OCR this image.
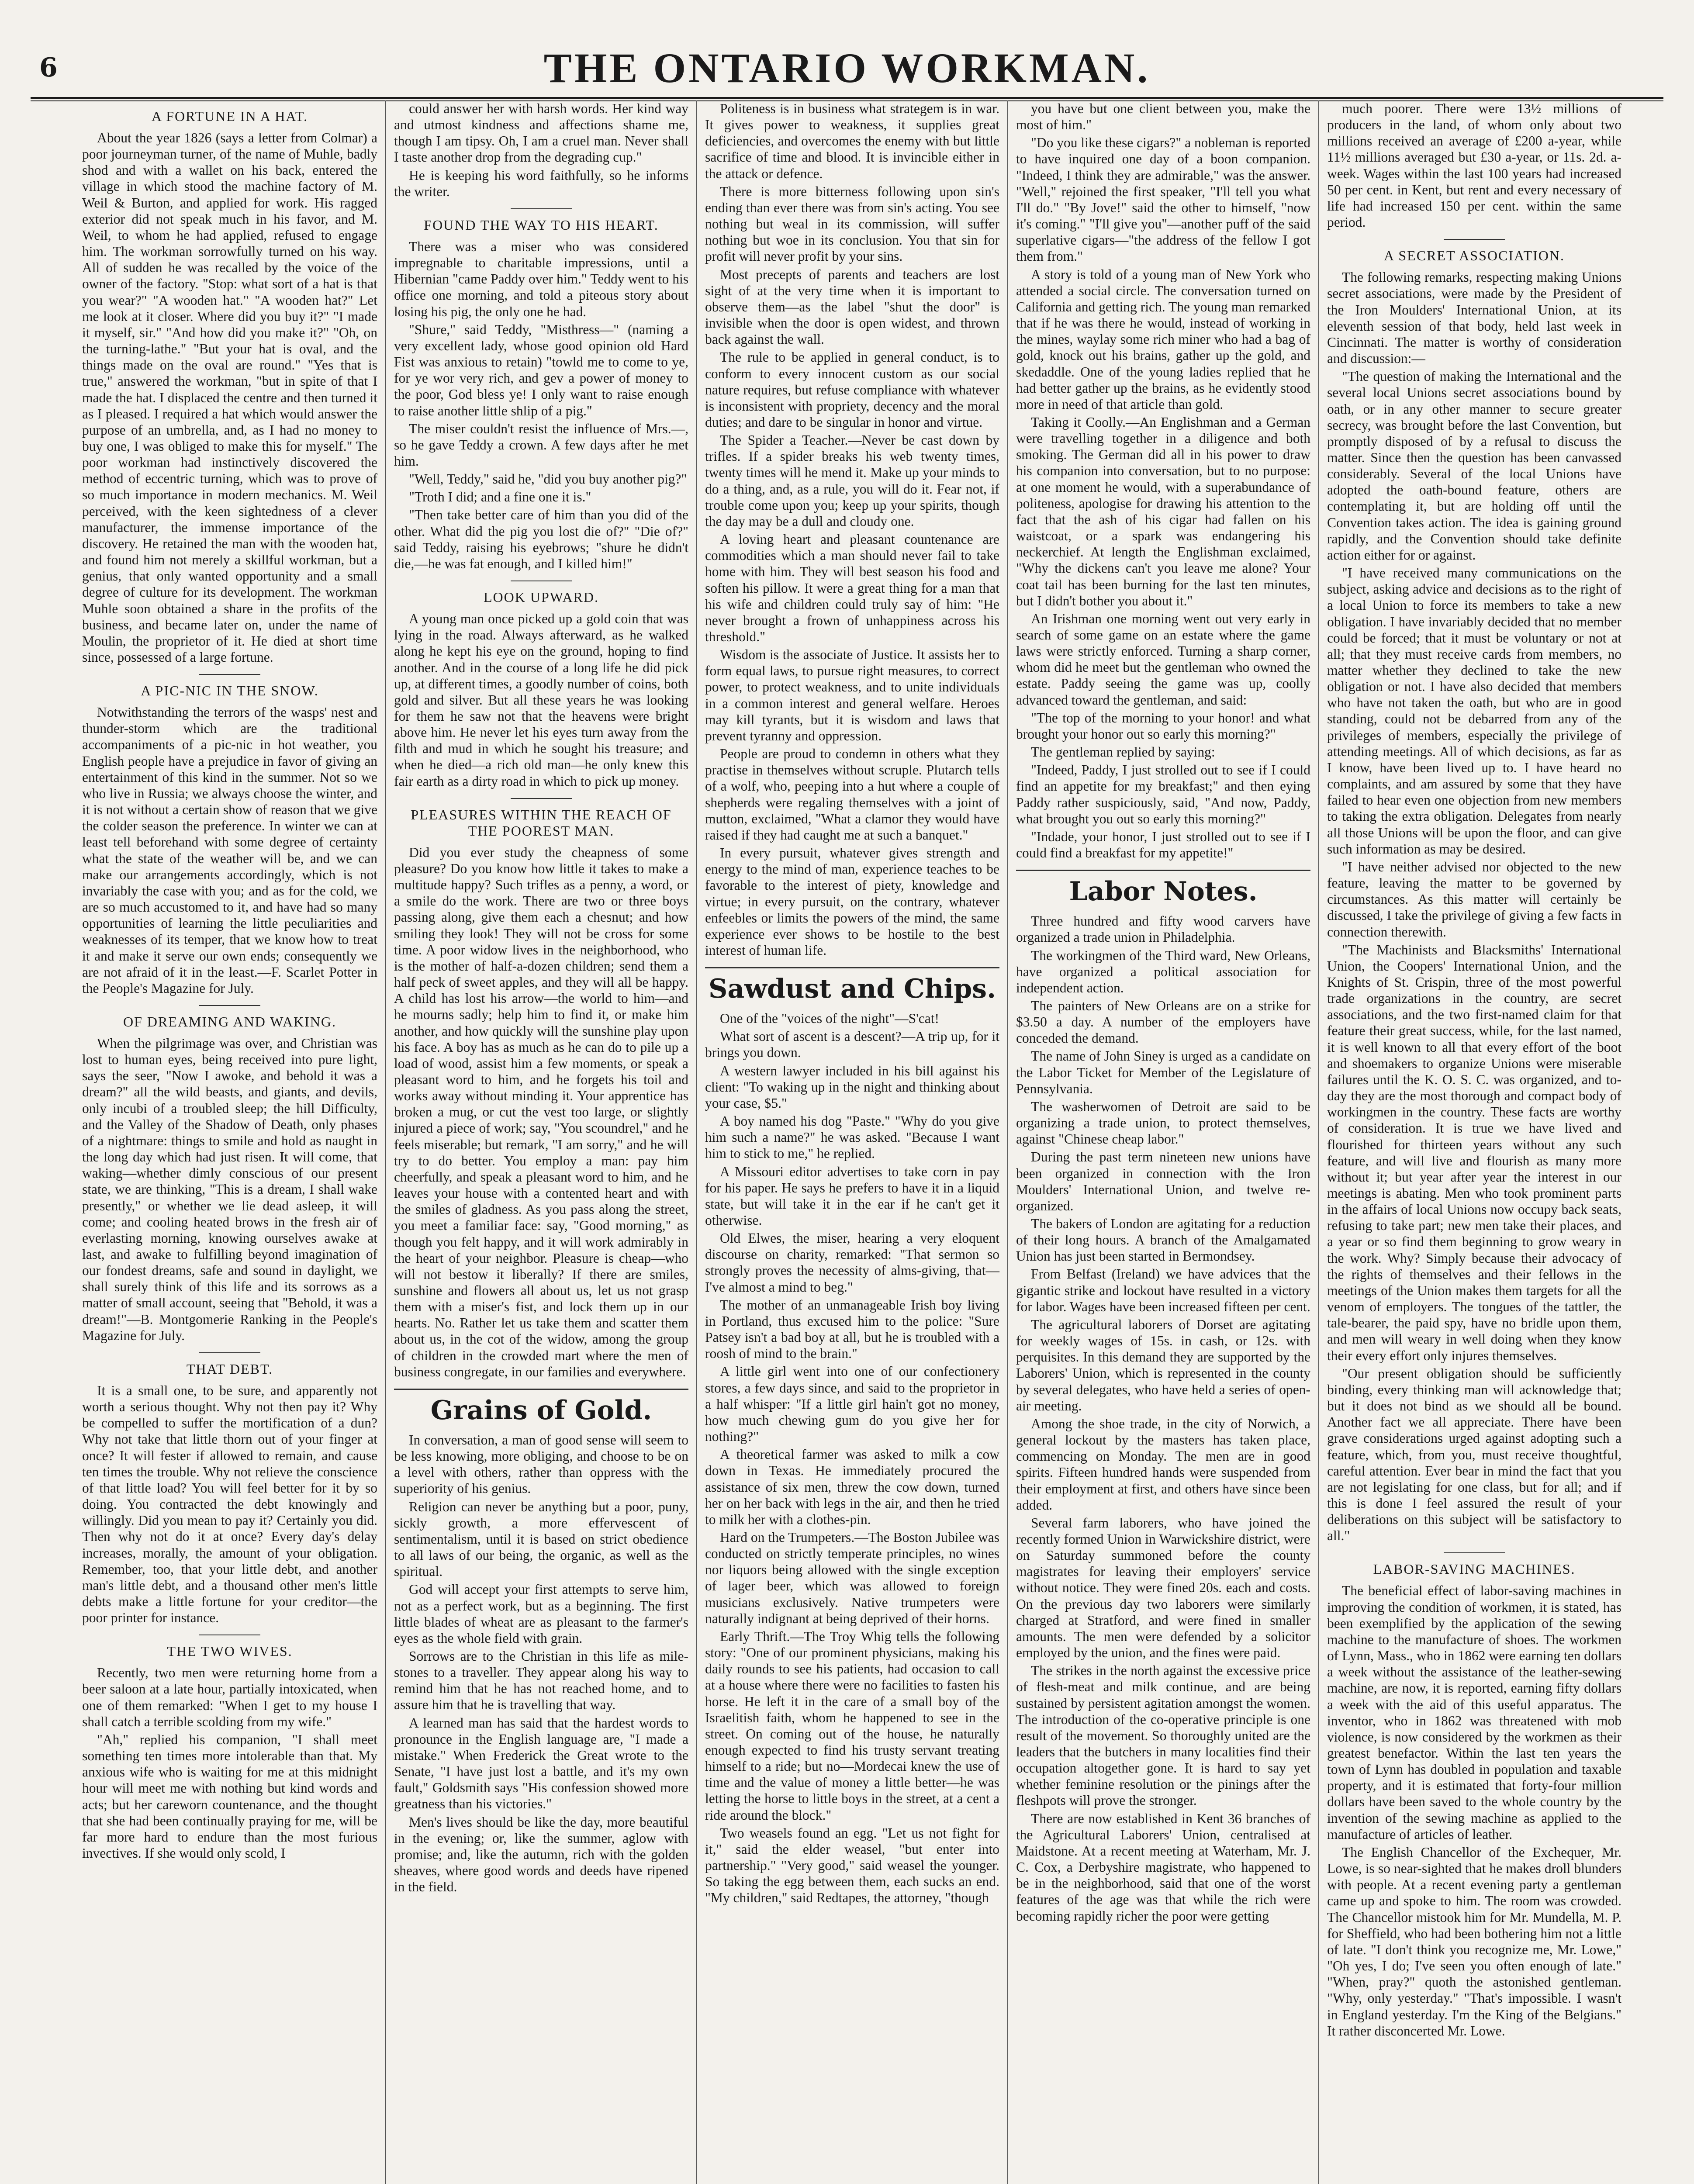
6	THE ONTARIO WORKMAN.
A FORTUNE IN A HAT.

About the year 1826 (says a letter from Colmar) a poor journeyman turner, of the name of Muhle, badly shod and with a wallet on his back, entered the village in which stood the machine factory of M. Weil & Burton, and applied for work. His ragged exterior did not speak much in his favor, and M. Weil, to whom he had applied, refused to engage him. The workman sorrowfully turned on his way. All of sudden he was recalled by the voice of the owner of the factory. "Stop: what sort of a hat is that you wear?" "A wooden hat." "A wooden hat?" Let me look at it closer. Where did you buy it?" "I made it myself, sir." "And how did you make it?" "Oh, on the turning-lathe." "But your hat is oval, and the things made on the oval are round." "Yes that is true," answered the workman, "but in spite of that I made the hat. I displaced the centre and then turned it as I pleased. I required a hat which would answer the purpose of an umbrella, and, as I had no money to buy one, I was obliged to make this for myself." The poor workman had instinctively discovered the method of eccentric turning, which was to prove of so much importance in modern mechanics. M. Weil perceived, with the keen sightedness of a clever manufacturer, the immense importance of the discovery. He retained the man with the wooden hat, and found him not merely a skillful workman, but a genius, that only wanted opportunity and a small degree of culture for its development. The workman Muhle soon obtained a share in the profits of the business, and became later on, under the name of Moulin, the proprietor of it. He died at short time since, possessed of a large fortune.

A PIC-NIC IN THE SNOW.

Notwithstanding the terrors of the wasps' nest and thunder-storm which are the traditional accompaniments of a pic-nic in hot weather, you English people have a prejudice in favor of giving an entertainment of this kind in the summer. Not so we who live in Russia; we always choose the winter, and it is not without a certain show of reason that we give the colder season the preference. In winter we can at least tell beforehand with some degree of certainty what the state of the weather will be, and we can make our arrangements accordingly, which is not invariably the case with you; and as for the cold, we are so much accustomed to it, and have had so many opportunities of learning the little peculiarities and weaknesses of its temper, that we know how to treat it and make it serve our own ends; consequently we are not afraid of it in the least.—F. Scarlet Potter in the People's Magazine for July.

OF DREAMING AND WAKING.

When the pilgrimage was over, and Christian was lost to human eyes, being received into pure light, says the seer, "Now I awoke, and behold it was a dream?" all the wild beasts, and giants, and devils, only incubi of a troubled sleep; the hill Difficulty, and the Valley of the Shadow of Death, only phases of a nightmare: things to smile and hold as naught in the long day which had just risen. It will come, that waking—whether dimly conscious of our present state, we are thinking, "This is a dream, I shall wake presently," or whether we lie dead asleep, it will come; and cooling heated brows in the fresh air of everlasting morning, knowing ourselves awake at last, and awake to fulfilling beyond imagination of our fondest dreams, safe and sound in daylight, we shall surely think of this life and its sorrows as a matter of small account, seeing that "Behold, it was a dream!"—B. Montgomerie Ranking in the People's Magazine for July.

THAT DEBT.

It is a small one, to be sure, and apparently not worth a serious thought. Why not then pay it? Why be compelled to suffer the mortification of a dun? Why not take that little thorn out of your finger at once? It will fester if allowed to remain, and cause ten times the trouble. Why not relieve the conscience of that little load? You will feel better for it by so doing. You contracted the debt knowingly and willingly. Did you mean to pay it? Certainly you did. Then why not do it at once? Every day's delay increases, morally, the amount of your obligation. Remember, too, that your little debt, and another man's little debt, and a thousand other men's little debts make a little fortune for your creditor—the poor printer for instance.

THE TWO WIVES.

Recently, two men were returning home from a beer saloon at a late hour, partially intoxicated, when one of them remarked: "When I get to my house I shall catch a terrible scolding from my wife."

"Ah," replied his companion, "I shall meet something ten times more intolerable than that. My anxious wife who is waiting for me at this midnight hour will meet me with nothing but kind words and acts; but her careworn countenance, and the thought that she had been continually praying for me, will be far more hard to endure than the most furious invectives. If she would only scold, I

could answer her with harsh words. Her kind way and utmost kindness and affections shame me, though I am tipsy. Oh, I am a cruel man. Never shall I taste another drop from the degrading cup."

He is keeping his word faithfully, so he informs the writer.

FOUND THE WAY TO HIS HEART.

There was a miser who was considered impregnable to charitable impressions, until a Hibernian "came Paddy over him." Teddy went to his office one morning, and told a piteous story about losing his pig, the only one he had.

"Shure," said Teddy, "Misthress—" (naming a very excellent lady, whose good opinion old Hard Fist was anxious to retain) "towld me to come to ye, for ye wor very rich, and gev a power of money to the poor, God bless ye! I only want to raise enough to raise another little shlip of a pig."

The miser couldn't resist the influence of Mrs.—, so he gave Teddy a crown. A few days after he met him.

"Well, Teddy," said he, "did you buy another pig?"

"Troth I did; and a fine one it is."

"Then take better care of him than you did of the other. What did the pig you lost die of?" "Die of?" said Teddy, raising his eyebrows; "shure he didn't die,—he was fat enough, and I killed him!"

LOOK UPWARD.

A young man once picked up a gold coin that was lying in the road. Always afterward, as he walked along he kept his eye on the ground, hoping to find another. And in the course of a long life he did pick up, at different times, a goodly number of coins, both gold and silver. But all these years he was looking for them he saw not that the heavens were bright above him. He never let his eyes turn away from the filth and mud in which he sought his treasure; and when he died—a rich old man—he only knew this fair earth as a dirty road in which to pick up money.

PLEASURES WITHIN THE REACH OF THE POOREST MAN.

Did you ever study the cheapness of some pleasure? Do you know how little it takes to make a multitude happy? Such trifles as a penny, a word, or a smile do the work. There are two or three boys passing along, give them each a chesnut; and how smiling they look! They will not be cross for some time. A poor widow lives in the neighborhood, who is the mother of half-a-dozen children; send them a half peck of sweet apples, and they will all be happy. A child has lost his arrow—the world to him—and he mourns sadly; help him to find it, or make him another, and how quickly will the sunshine play upon his face. A boy has as much as he can do to pile up a load of wood, assist him a few moments, or speak a pleasant word to him, and he forgets his toil and works away without minding it. Your apprentice has broken a mug, or cut the vest too large, or slightly injured a piece of work; say, "You scoundrel," and he feels miserable; but remark, "I am sorry," and he will try to do better. You employ a man: pay him cheerfully, and speak a pleasant word to him, and he leaves your house with a contented heart and with the smiles of gladness. As you pass along the street, you meet a familiar face: say, "Good morning," as though you felt happy, and it will work admirably in the heart of your neighbor. Pleasure is cheap—who will not bestow it liberally? If there are smiles, sunshine and flowers all about us, let us not grasp them with a miser's fist, and lock them up in our hearts. No. Rather let us take them and scatter them about us, in the cot of the widow, among the group of children in the crowded mart where the men of business congregate, in our families and everywhere.

Grains of Gold.

In conversation, a man of good sense will seem to be less knowing, more obliging, and choose to be on a level with others, rather than oppress with the superiority of his genius.

Religion can never be anything but a poor, puny, sickly growth, a more effervescent of sentimentalism, until it is based on strict obedience to all laws of our being, the organic, as well as the spiritual.

God will accept your first attempts to serve him, not as a perfect work, but as a beginning. The first little blades of wheat are as pleasant to the farmer's eyes as the whole field with grain.

Sorrows are to the Christian in this life as mile-stones to a traveller. They appear along his way to remind him that he has not reached home, and to assure him that he is travelling that way.

A learned man has said that the hardest words to pronounce in the English language are, "I made a mistake." When Frederick the Great wrote to the Senate, "I have just lost a battle, and it's my own fault," Goldsmith says "His confession showed more greatness than his victories."

Men's lives should be like the day, more beautiful in the evening; or, like the summer, aglow with promise; and, like the autumn, rich with the golden sheaves, where good words and deeds have ripened in the field.

Politeness is in business what strategem is in war. It gives power to weakness, it supplies great deficiencies, and overcomes the enemy with but little sacrifice of time and blood. It is invincible either in the attack or defence.

There is more bitterness following upon sin's ending than ever there was from sin's acting. You see nothing but weal in its commission, will suffer nothing but woe in its conclusion. You that sin for profit will never profit by your sins.

Most precepts of parents and teachers are lost sight of at the very time when it is important to observe them—as the label "shut the door" is invisible when the door is open widest, and thrown back against the wall.

The rule to be applied in general conduct, is to conform to every innocent custom as our social nature requires, but refuse compliance with whatever is inconsistent with propriety, decency and the moral duties; and dare to be singular in honor and virtue.

The Spider a Teacher.—Never be cast down by trifles. If a spider breaks his web twenty times, twenty times will he mend it. Make up your minds to do a thing, and, as a rule, you will do it. Fear not, if trouble come upon you; keep up your spirits, though the day may be a dull and cloudy one.

A loving heart and pleasant countenance are commodities which a man should never fail to take home with him. They will best season his food and soften his pillow. It were a great thing for a man that his wife and children could truly say of him: "He never brought a frown of unhappiness across his threshold."

Wisdom is the associate of Justice. It assists her to form equal laws, to pursue right measures, to correct power, to protect weakness, and to unite individuals in a common interest and general welfare. Heroes may kill tyrants, but it is wisdom and laws that prevent tyranny and oppression.

People are proud to condemn in others what they practise in themselves without scruple. Plutarch tells of a wolf, who, peeping into a hut where a couple of shepherds were regaling themselves with a joint of mutton, exclaimed, "What a clamor they would have raised if they had caught me at such a banquet."

In every pursuit, whatever gives strength and energy to the mind of man, experience teaches to be favorable to the interest of piety, knowledge and virtue; in every pursuit, on the contrary, whatever enfeebles or limits the powers of the mind, the same experience ever shows to be hostile to the best interest of human life.

Sawdust and Chips.

One of the "voices of the night"—S'cat!

What sort of ascent is a descent?—A trip up, for it brings you down.

A western lawyer included in his bill against his client: "To waking up in the night and thinking about your case, $5."

A boy named his dog "Paste." "Why do you give him such a name?" he was asked. "Because I want him to stick to me," he replied.

A Missouri editor advertises to take corn in pay for his paper. He says he prefers to have it in a liquid state, but will take it in the ear if he can't get it otherwise.

Old Elwes, the miser, hearing a very eloquent discourse on charity, remarked: "That sermon so strongly proves the necessity of alms-giving, that—I've almost a mind to beg."

The mother of an unmanageable Irish boy living in Portland, thus excused him to the police: "Sure Patsey isn't a bad boy at all, but he is troubled with a roosh of mind to the brain."

A little girl went into one of our confectionery stores, a few days since, and said to the proprietor in a half whisper: "If a little girl hain't got no money, how much chewing gum do you give her for nothing?"

A theoretical farmer was asked to milk a cow down in Texas. He immediately procured the assistance of six men, threw the cow down, turned her on her back with legs in the air, and then he tried to milk her with a clothes-pin.

Hard on the Trumpeters.—The Boston Jubilee was conducted on strictly temperate principles, no wines nor liquors being allowed with the single exception of lager beer, which was allowed to foreign musicians exclusively. Native trumpeters were naturally indignant at being deprived of their horns.

Early Thrift.—The Troy Whig tells the following story: "One of our prominent physicians, making his daily rounds to see his patients, had occasion to call at a house where there were no facilities to fasten his horse. He left it in the care of a small boy of the Israelitish faith, whom he happened to see in the street. On coming out of the house, he naturally enough expected to find his trusty servant treating himself to a ride; but no—Mordecai knew the use of time and the value of money a little better—he was letting the horse to little boys in the street, at a cent a ride around the block."

Two weasels found an egg. "Let us not fight for it," said the elder weasel, "but enter into partnership." "Very good," said weasel the younger. So taking the egg between them, each sucks an end. "My children," said Redtapes, the attorney, "though

you have but one client between you, make the most of him."

"Do you like these cigars?" a nobleman is reported to have inquired one day of a boon companion. "Indeed, I think they are admirable," was the answer. "Well," rejoined the first speaker, "I'll tell you what I'll do." "By Jove!" said the other to himself, "now it's coming." "I'll give you"—another puff of the said superlative cigars—"the address of the fellow I got them from."

A story is told of a young man of New York who attended a social circle. The conversation turned on California and getting rich. The young man remarked that if he was there he would, instead of working in the mines, waylay some rich miner who had a bag of gold, knock out his brains, gather up the gold, and skedaddle. One of the young ladies replied that he had better gather up the brains, as he evidently stood more in need of that article than gold.

Taking it Coolly.—An Englishman and a German were travelling together in a diligence and both smoking. The German did all in his power to draw his companion into conversation, but to no purpose: at one moment he would, with a superabundance of politeness, apologise for drawing his attention to the fact that the ash of his cigar had fallen on his waistcoat, or a spark was endangering his neckerchief. At length the Englishman exclaimed, "Why the dickens can't you leave me alone? Your coat tail has been burning for the last ten minutes, but I didn't bother you about it."

An Irishman one morning went out very early in search of some game on an estate where the game laws were strictly enforced. Turning a sharp corner, whom did he meet but the gentleman who owned the estate. Paddy seeing the game was up, coolly advanced toward the gentleman, and said:

"The top of the morning to your honor! and what brought your honor out so early this morning?"

The gentleman replied by saying:

"Indeed, Paddy, I just strolled out to see if I could find an appetite for my breakfast;" and then eying Paddy rather suspiciously, said, "And now, Paddy, what brought you out so early this morning?"

"Indade, your honor, I just strolled out to see if I could find a breakfast for my appetite!"

Labor Notes.

Three hundred and fifty wood carvers have organized a trade union in Philadelphia.

The workingmen of the Third ward, New Orleans, have organized a political association for independent action.

The painters of New Orleans are on a strike for $3.50 a day. A number of the employers have conceded the demand.

The name of John Siney is urged as a candidate on the Labor Ticket for Member of the Legislature of Pennsylvania.

The washerwomen of Detroit are said to be organizing a trade union, to protect themselves, against "Chinese cheap labor."

During the past term nineteen new unions have been organized in connection with the Iron Moulders' International Union, and twelve re-organized.

The bakers of London are agitating for a reduction of their long hours. A branch of the Amalgamated Union has just been started in Bermondsey.

From Belfast (Ireland) we have advices that the gigantic strike and lockout have resulted in a victory for labor. Wages have been increased fifteen per cent.

The agricultural laborers of Dorset are agitating for weekly wages of 15s. in cash, or 12s. with perquisites. In this demand they are supported by the Laborers' Union, which is represented in the county by several delegates, who have held a series of open-air meeting.

Among the shoe trade, in the city of Norwich, a general lockout by the masters has taken place, commencing on Monday. The men are in good spirits. Fifteen hundred hands were suspended from their employment at first, and others have since been added.

Several farm laborers, who have joined the recently formed Union in Warwickshire district, were on Saturday summoned before the county magistrates for leaving their employers' service without notice. They were fined 20s. each and costs. On the previous day two laborers were similarly charged at Stratford, and were fined in smaller amounts. The men were defended by a solicitor employed by the union, and the fines were paid.

The strikes in the north against the excessive price of flesh-meat and milk continue, and are being sustained by persistent agitation amongst the women. The introduction of the co-operative principle is one result of the movement. So thoroughly united are the leaders that the butchers in many localities find their occupation altogether gone. It is hard to say yet whether feminine resolution or the pinings after the fleshpots will prove the stronger.

There are now established in Kent 36 branches of the Agricultural Laborers' Union, centralised at Maidstone. At a recent meeting at Waterham, Mr. J. C. Cox, a Derbyshire magistrate, who happened to be in the neighborhood, said that one of the worst features of the age was that while the rich were becoming rapidly richer the poor were getting

much poorer. There were 13½ millions of producers in the land, of whom only about two millions received an average of £200 a-year, while 11½ millions averaged but £30 a-year, or 11s. 2d. a-week. Wages within the last 100 years had increased 50 per cent. in Kent, but rent and every necessary of life had increased 150 per cent. within the same period.

A SECRET ASSOCIATION.

The following remarks, respecting making Unions secret associations, were made by the President of the Iron Moulders' International Union, at its eleventh session of that body, held last week in Cincinnati. The matter is worthy of consideration and discussion:—

"The question of making the International and the several local Unions secret associations bound by oath, or in any other manner to secure greater secrecy, was brought before the last Convention, but promptly disposed of by a refusal to discuss the matter. Since then the question has been canvassed considerably. Several of the local Unions have adopted the oath-bound feature, others are contemplating it, but are holding off until the Convention takes action. The idea is gaining ground rapidly, and the Convention should take definite action either for or against.

"I have received many communications on the subject, asking advice and decisions as to the right of a local Union to force its members to take a new obligation. I have invariably decided that no member could be forced; that it must be voluntary or not at all; that they must receive cards from members, no matter whether they declined to take the new obligation or not. I have also decided that members who have not taken the oath, but who are in good standing, could not be debarred from any of the privileges of members, especially the privilege of attending meetings. All of which decisions, as far as I know, have been lived up to. I have heard no complaints, and am assured by some that they have failed to hear even one objection from new members to taking the extra obligation. Delegates from nearly all those Unions will be upon the floor, and can give such information as may be desired.

"I have neither advised nor objected to the new feature, leaving the matter to be governed by circumstances. As this matter will certainly be discussed, I take the privilege of giving a few facts in connection therewith.

"The Machinists and Blacksmiths' International Union, the Coopers' International Union, and the Knights of St. Crispin, three of the most powerful trade organizations in the country, are secret associations, and the two first-named claim for that feature their great success, while, for the last named, it is well known to all that every effort of the boot and shoemakers to organize Unions were miserable failures until the K. O. S. C. was organized, and to-day they are the most thorough and compact body of workingmen in the country. These facts are worthy of consideration. It is true we have lived and flourished for thirteen years without any such feature, and will live and flourish as many more without it; but year after year the interest in our meetings is abating. Men who took prominent parts in the affairs of local Unions now occupy back seats, refusing to take part; new men take their places, and a year or so find them beginning to grow weary in the work. Why? Simply because their advocacy of the rights of themselves and their fellows in the meetings of the Union makes them targets for all the venom of employers. The tongues of the tattler, the tale-bearer, the paid spy, have no bridle upon them, and men will weary in well doing when they know their every effort only injures themselves.

"Our present obligation should be sufficiently binding, every thinking man will acknowledge that; but it does not bind as we should all be bound. Another fact we all appreciate. There have been grave considerations urged against adopting such a feature, which, from you, must receive thoughtful, careful attention. Ever bear in mind the fact that you are not legislating for one class, but for all; and if this is done I feel assured the result of your deliberations on this subject will be satisfactory to all."

LABOR-SAVING MACHINES.

The beneficial effect of labor-saving machines in improving the condition of workmen, it is stated, has been exemplified by the application of the sewing machine to the manufacture of shoes. The workmen of Lynn, Mass., who in 1862 were earning ten dollars a week without the assistance of the leather-sewing machine, are now, it is reported, earning fifty dollars a week with the aid of this useful apparatus. The inventor, who in 1862 was threatened with mob violence, is now considered by the workmen as their greatest benefactor. Within the last ten years the town of Lynn has doubled in population and taxable property, and it is estimated that forty-four million dollars have been saved to the whole country by the invention of the sewing machine as applied to the manufacture of articles of leather.

The English Chancellor of the Exchequer, Mr. Lowe, is so near-sighted that he makes droll blunders with people. At a recent evening party a gentleman came up and spoke to him. The room was crowded. The Chancellor mistook him for Mr. Mundella, M. P. for Sheffield, who had been bothering him not a little of late. "I don't think you recognize me, Mr. Lowe," "Oh yes, I do; I've seen you often enough of late." "When, pray?" quoth the astonished gentleman. "Why, only yesterday." "That's impossible. I wasn't in England yesterday. I'm the King of the Belgians." It rather disconcerted Mr. Lowe.
